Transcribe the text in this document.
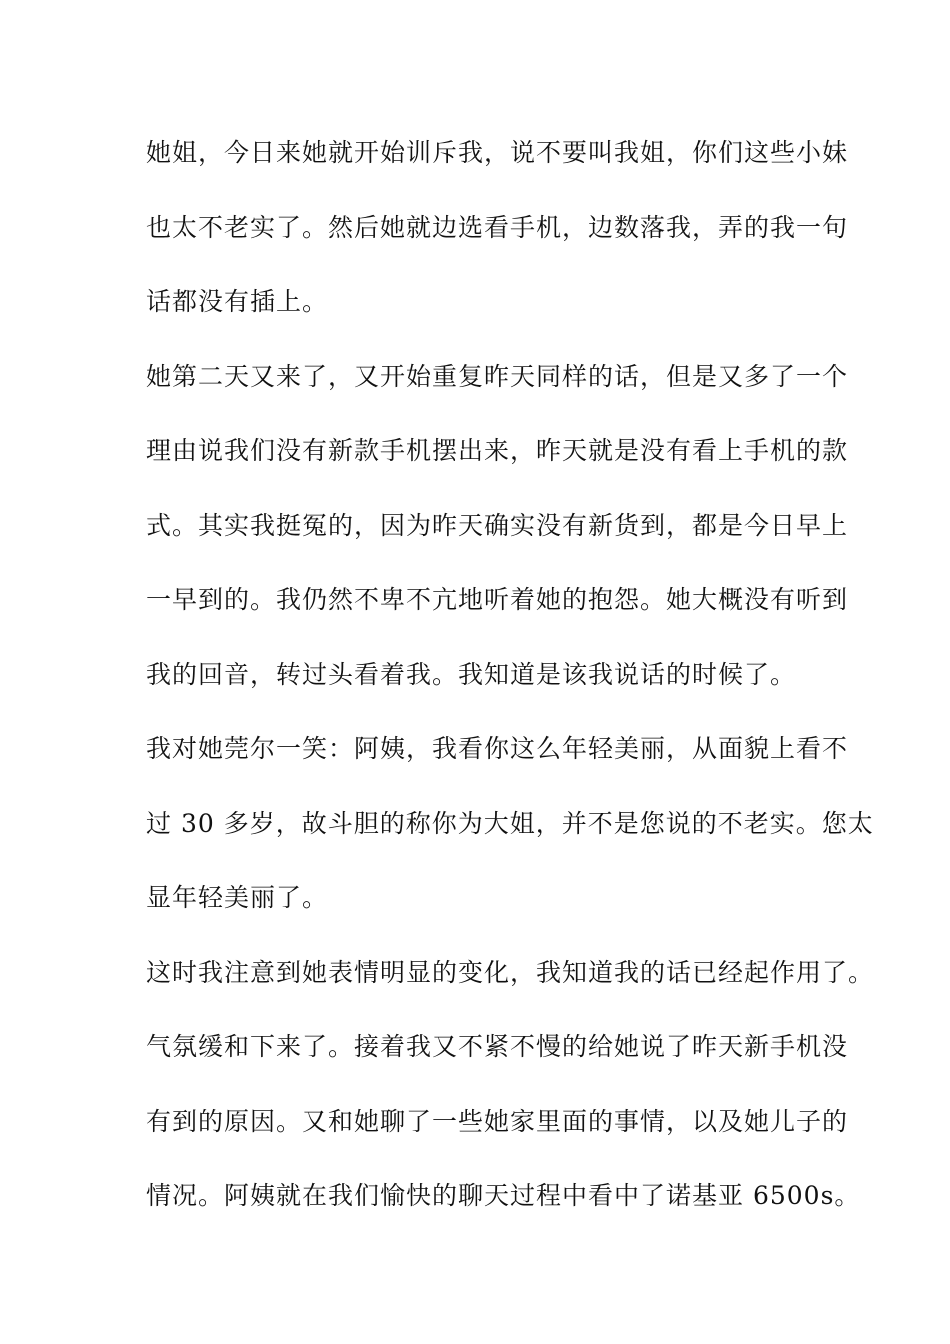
她姐，今日来她就开始训斥我，说不要叫我姐，你们这些小妹
也太不老实了。然后她就边选看手机，边数落我，弄的我一句
话都没有插上。
她第二天又来了，又开始重复昨天同样的话，但是又多了一个
理由说我们没有新款手机摆出来，昨天就是没有看上手机的款
式。其实我挺冤的，因为昨天确实没有新货到，都是今日早上
一早到的。我仍然不卑不亢地听着她的抱怨。她大概没有听到
我的回音，转过头看着我。我知道是该我说话的时候了。
我对她莞尔一笑：阿姨，我看你这么年轻美丽，从面貌上看不
过 30 多岁，故斗胆的称你为大姐，并不是您说的不老实。您太
显年轻美丽了。
这时我注意到她表情明显的变化，我知道我的话已经起作用了。
气氛缓和下来了。接着我又不紧不慢的给她说了昨天新手机没
有到的原因。又和她聊了一些她家里面的事情，以及她儿子的
情况。阿姨就在我们愉快的聊天过程中看中了诺基亚 6500s。
